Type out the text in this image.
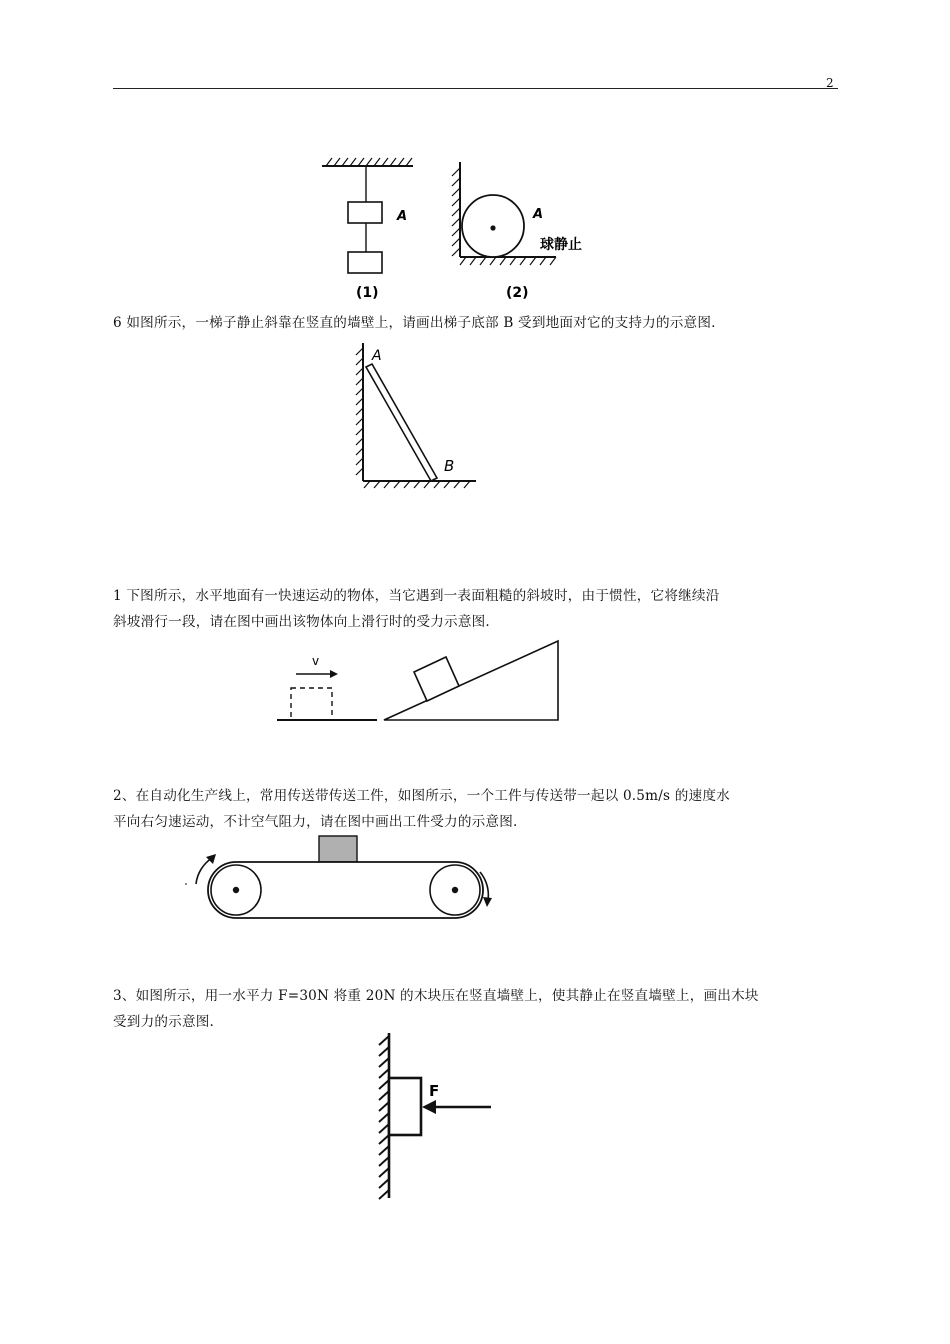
2
A
(1)
A
球静止
(2)
6 如图所示，一梯子静止斜靠在竖直的墙壁上，请画出梯子底部 B 受到地面对它的支持力的示意图.
A
B
1 下图所示，水平地面有一快速运动的物体，当它遇到一表面粗糙的斜坡时，由于惯性，它将继续沿
斜坡滑行一段，请在图中画出该物体向上滑行时的受力示意图.
v
2、在自动化生产线上，常用传送带传送工件，如图所示，一个工件与传送带一起以 0.5m/s 的速度水
平向右匀速运动，不计空气阻力，请在图中画出工件受力的示意图.
3、如图所示，用一水平力 F=30N 将重 20N 的木块压在竖直墙壁上，使其静止在竖直墙壁上，画出木块
受到力的示意图.
F
